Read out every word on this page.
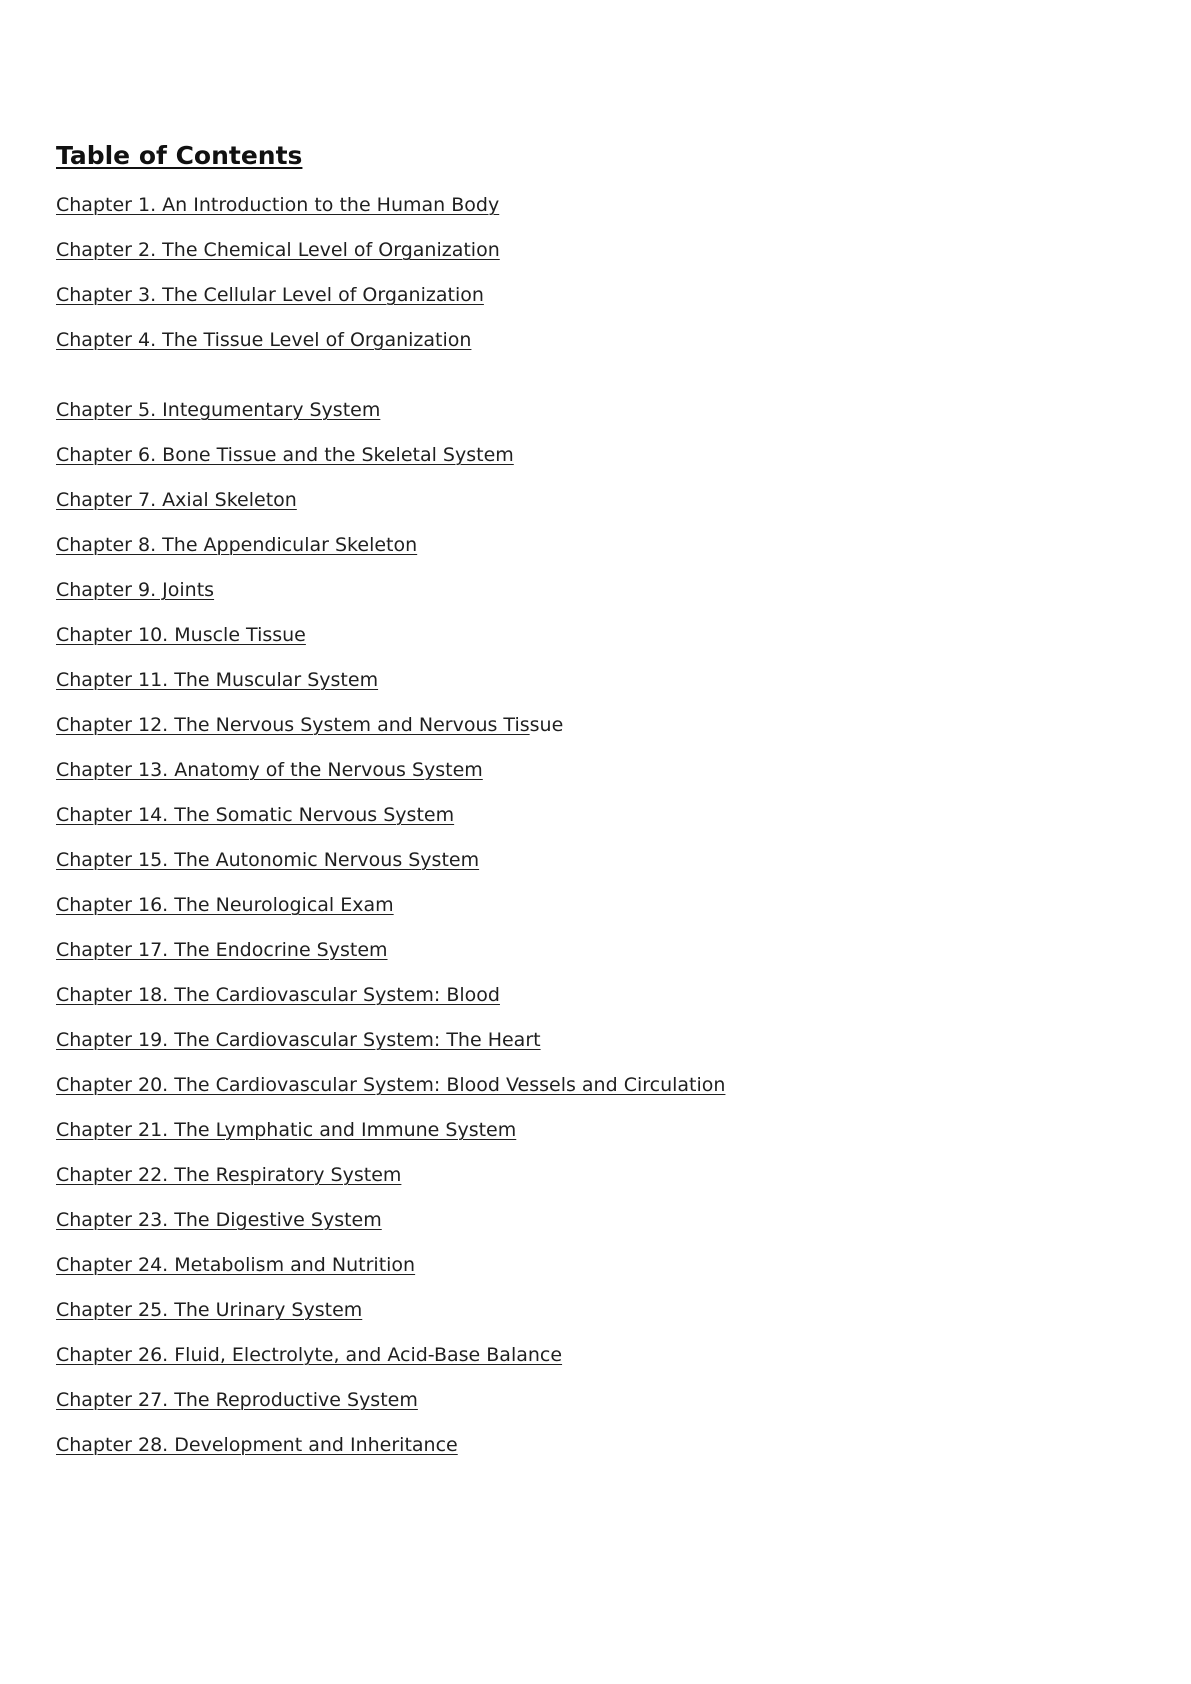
Table of Contents
Chapter 1. An Introduction to the Human Body
Chapter 2. The Chemical Level of Organization
Chapter 3. The Cellular Level of Organization
Chapter 4. The Tissue Level of Organization
Chapter 5. Integumentary System
Chapter 6. Bone Tissue and the Skeletal System
Chapter 7. Axial Skeleton
Chapter 8. The Appendicular Skeleton
Chapter 9. Joints
Chapter 10. Muscle Tissue
Chapter 11. The Muscular System
Chapter 12. The Nervous System and Nervous Tissue
Chapter 13. Anatomy of the Nervous System
Chapter 14. The Somatic Nervous System
Chapter 15. The Autonomic Nervous System
Chapter 16. The Neurological Exam
Chapter 17. The Endocrine System
Chapter 18. The Cardiovascular System: Blood
Chapter 19. The Cardiovascular System: The Heart
Chapter 20. The Cardiovascular System: Blood Vessels and Circulation
Chapter 21. The Lymphatic and Immune System
Chapter 22. The Respiratory System
Chapter 23. The Digestive System
Chapter 24. Metabolism and Nutrition
Chapter 25. The Urinary System
Chapter 26. Fluid, Electrolyte, and Acid-Base Balance
Chapter 27. The Reproductive System
Chapter 28. Development and Inheritance
